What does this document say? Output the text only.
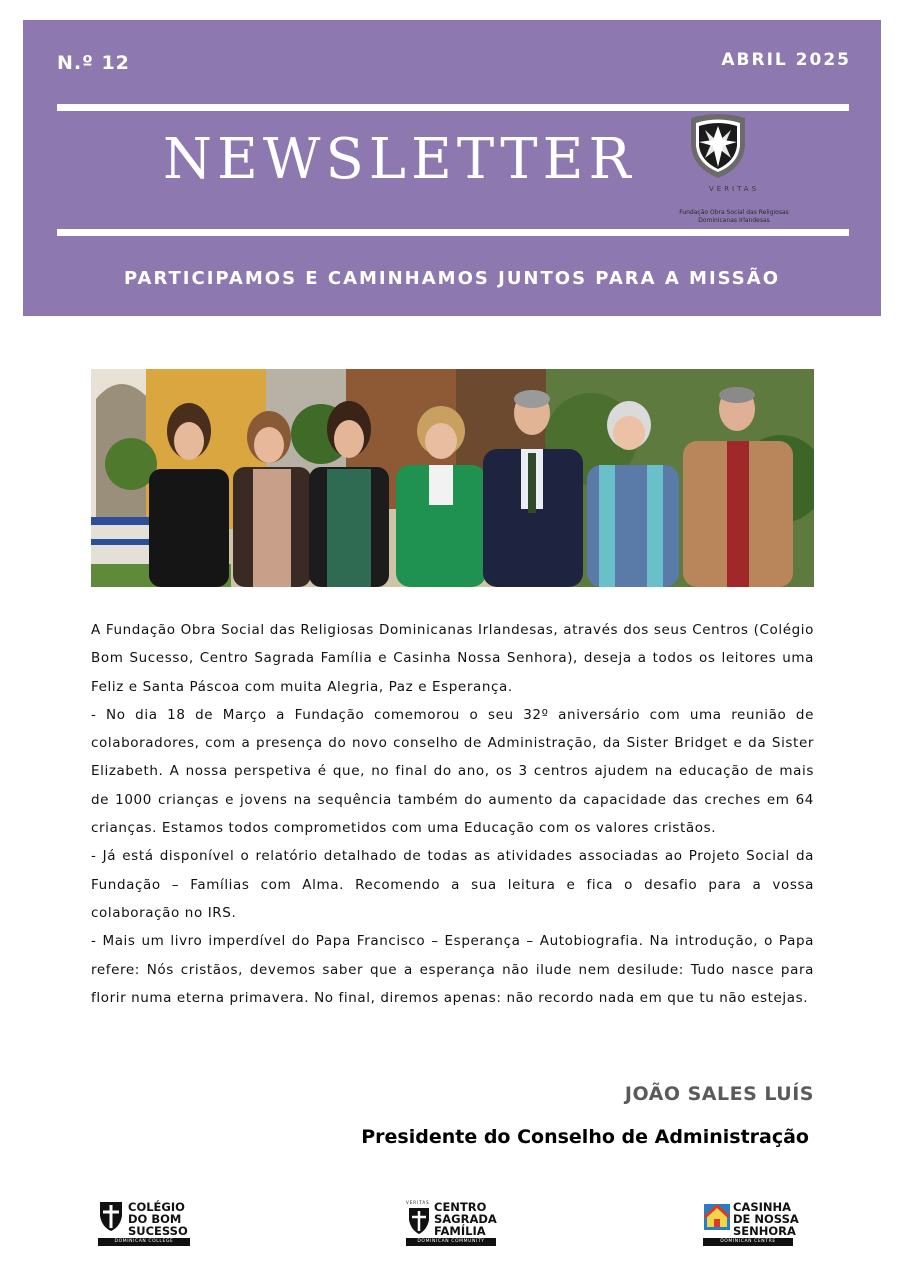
N.º 12	ABRIL 2025
NEWSLETTER	VERITAS
Fundação Obra Social das Religiosas Dominicanas Irlandesas
PARTICIPAMOS E CAMINHAMOS JUNTOS PARA A MISSÃO

A Fundação Obra Social das Religiosas Dominicanas Irlandesas, através dos seus Centros (Colégio Bom Sucesso, Centro Sagrada Família e Casinha Nossa Senhora), deseja a todos os leitores uma Feliz e Santa Páscoa com muita Alegria, Paz e Esperança.

- No dia 18 de Março a Fundação comemorou o seu 32º aniversário com uma reunião de colaboradores, com a presença do novo conselho de Administração, da Sister Bridget e da Sister Elizabeth. A nossa perspetiva é que, no final do ano, os 3 centros ajudem na educação de mais de 1000 crianças e jovens na sequência também do aumento da capacidade das creches em 64 crianças. Estamos todos comprometidos com uma Educação com os valores cristãos.

- Já está disponível o relatório detalhado de todas as atividades associadas ao Projeto Social da Fundação – Famílias com Alma. Recomendo a sua leitura e fica o desafio para a vossa colaboração no IRS.

- Mais um livro imperdível do Papa Francisco – Esperança – Autobiografia. Na introdução, o Papa refere: Nós cristãos, devemos saber que a esperança não ilude nem desilude: Tudo nasce para florir numa eterna primavera. No final, diremos apenas: não recordo nada em que tu não estejas.

JOÃO SALES LUÍS
Presidente do Conselho de Administração
COLÉGIO
DO BOM
SUCESSO
DOMINICAN COLLEGE
VERITAS CENTRO
SAGRADA
FAMÍLIA
DOMINICAN COMMUNITY
CASINHA
DE NOSSA
SENHORA
DOMINICAN CENTRE
